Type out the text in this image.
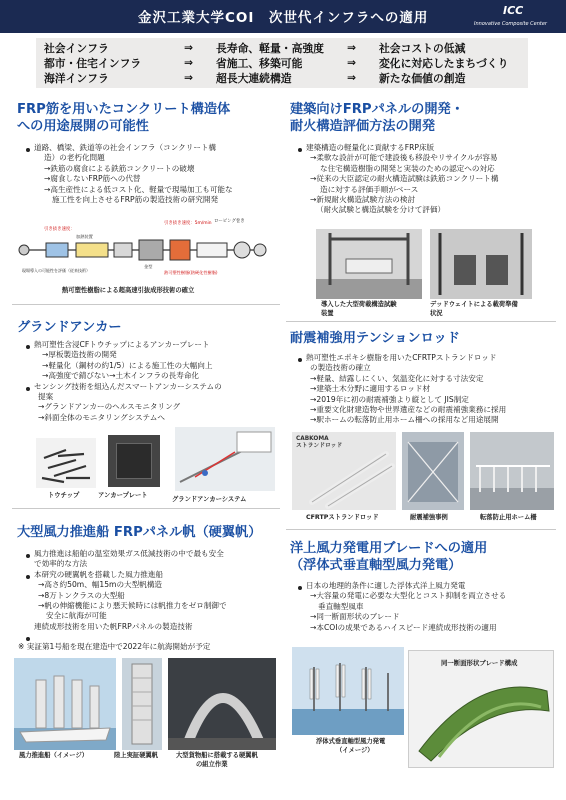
金沢工業大学COI　次世代インフラへの適用	ICC
Innovative Composite Center
社会インフラ	⇒ 長寿命、軽量・高強度 ⇒ 社会コストの低減
都市・住宅インフラ	⇒ 省施工、移築可能	⇒ 変化に対応したまちづくり
海洋インフラ	⇒ 超長大連続構造	⇒ 新たな価値の創造
FRP筋を用いたコンクリート構造体
への用途展開の可能性
道路、橋梁、鉄道等の社会インフラ（コンクリート構
造）の老朽化問題
→鉄筋の腐食による鉄筋コンクリートの破壊
→腐食しないFRP筋への代替
→高生産性による低コスト化、軽量で現場加工も可能な
施工性を向上させるFRP筋の製造技術の研究開発
引き抜き速度：
引き抜き速度：5m/min ローピング巻き
加熱装置
金型
熱可塑性樹脂(熱硬化性樹脂)
現場導入の可能性を評価（従来技術）
熱可塑性樹脂による超高速引抜成形技術の確立
グランドアンカー
熱可塑性含浸CFトウチップによるアンカープレート
→厚板製造技術の開発
→軽量化（鋼材の約1/5）による施工性の大幅向上
→高強度で錆びない→土木インフラの長寿命化
センシング技術を組込んだスマートアンカーシステムの
提案
→グランドアンカーのヘルスモニタリング
→斜面全体のモニタリングシステムへ
トウチップ	アンカープレート
グランドアンカーシステム
大型風力推進船 FRPパネル帆（硬翼帆）
風力推進は船舶の温室効果ガス低減技術の中で最も安全
で効率的な方法
本研究の硬翼帆を搭載した風力推進船
→高さ約50m、幅15mの大型帆構造
→8万トンクラスの大型船
→帆の伸縮機能により悪天候時には帆推力をゼロ制御で
安全に航海が可能
連続成形技術を用いた帆FRPパネルの製造技術
※ 実証第1号船を現在建造中で2022年に航海開始が予定
風力推進船（イメージ）	陸上実証硬翼帆	大型貨物船に搭載する硬翼帆
の組立作業
建築向けFRPパネルの開発・
耐火構造評価方法の開発
建築構造の軽量化に貢献するFRP床版
→柔軟な設計が可能で建設後も移設やリサイクルが容易
な住宅構造樹脂の開発と実装のための認定への対応
→従来の大臣認定の耐火構造試験は鉄筋コンクリート構
造に対する評価手順がベース
→新規耐火構造試験方法の検討
（耐火試験と構造試験を分けて評価）
導入した大型荷載構造試験
装置
デッドウェイトによる載荷準備
状況
耐震補強用テンションロッド
熱可塑性エポキシ樹脂を用いたCFRTPストランドロッド
の製造技術の確立
→軽量、結露しにくい、気温変化に対する寸法安定
→建築土木分野に適用するロッド材
→2019年に初の耐震補強より縦として JIS制定
→重要文化財建造物や世界遺産などの耐震補強業務に採用
→駅ホームの転落防止用ホーム柵への採用など用途展開
CABKOMA
ストランドロッド
CFRTPストランドロッド	耐震補強事例	転落防止用ホーム柵
洋上風力発電用ブレードへの適用
（浮体式垂直軸型風力発電）
日本の地理的条件に適した浮体式洋上風力発電
→大容量の発電に必要な大型化とコスト抑制を両立させる
垂直軸型風車
→同一断面形状のブレード
→本COIの成果であるハイスピード連続成形技術の適用
同一断面形状ブレード構成
浮体式垂直軸型風力発電
（イメージ）
